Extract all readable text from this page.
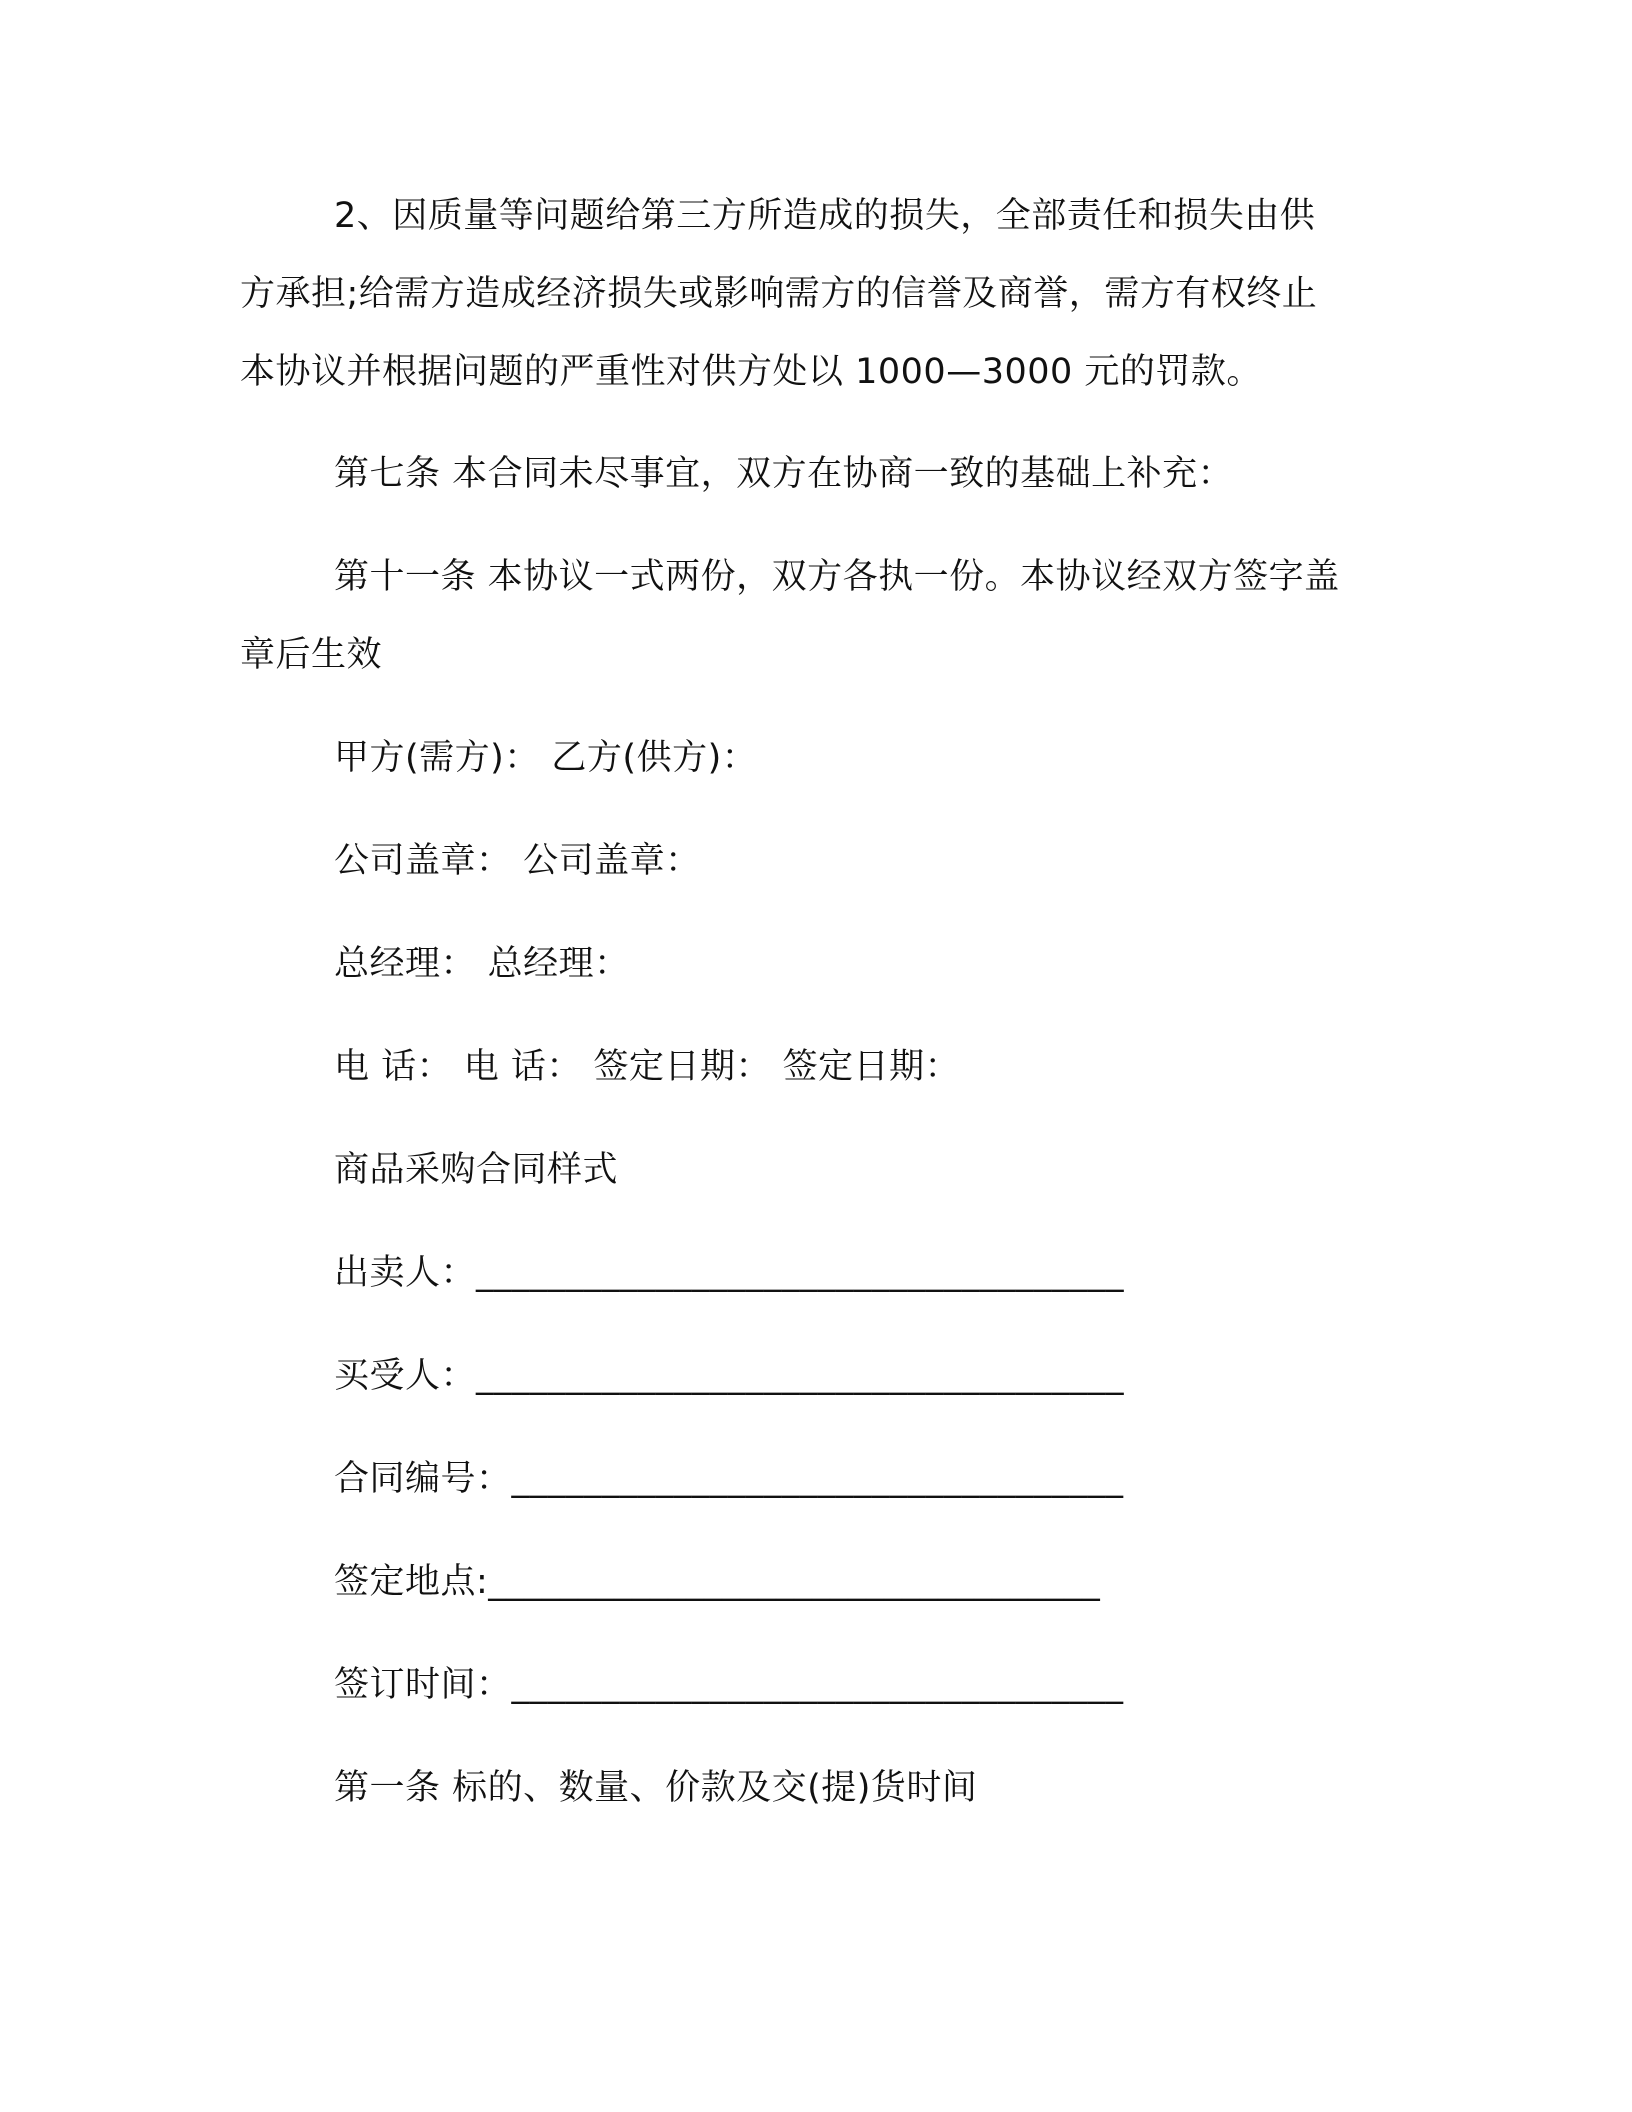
2、因质量等问题给第三方所造成的损失，全部责任和损失由供
方承担;给需方造成经济损失或影响需方的信誉及商誉，需方有权终止
本协议并根据问题的严重性对供方处以 1000—3000 元的罚款。
第七条 本合同未尽事宜，双方在协商一致的基础上补充：
第十一条 本协议一式两份，双方各执一份。本协议经双方签字盖
章后生效
甲方(需方)： 乙方(供方)：
公司盖章： 公司盖章：
总经理： 总经理：
电 话： 电 话： 签定日期： 签定日期：
商品采购合同样式
出卖人：____________________________________
买受人：____________________________________
合同编号：__________________________________
签定地点:__________________________________
签订时间：__________________________________
第一条 标的、数量、价款及交(提)货时间
